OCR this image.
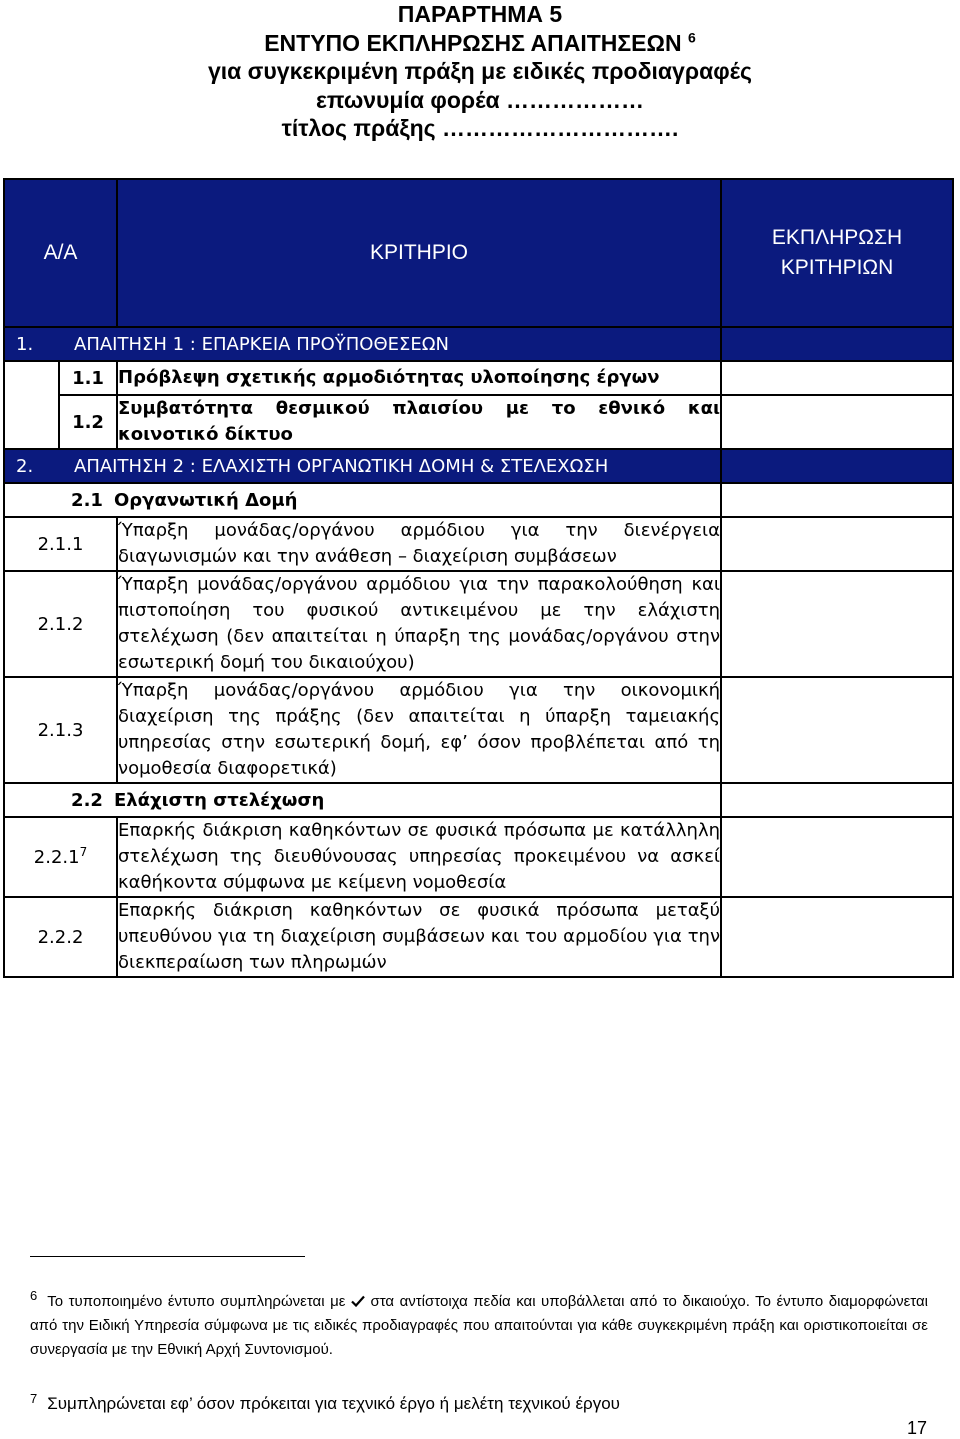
ΠΑΡΑΡΤΗΜΑ 5
ΕΝΤΥΠΟ ΕΚΠΛΗΡΩΣΗΣ ΑΠΑΙΤΗΣΕΩΝ $^6$
για συγκεκριμένη πράξη με ειδικές προδιαγραφές
επωνυμία φορέα ………………
τίτλος πράξης ………………………….
Α/Α		ΚΡΙΤΗΡΙΟ	ΕΚΠΛΗΡΩΣΗ
ΚΡΙΤΗΡΙΩΝ
1. ΑΠΑΙΤΗΣΗ 1 : ΕΠΑΡΚΕΙΑ ΠΡΟΫΠΟΘΕΣΕΩΝ			
	1.1	Πρόβλεψη σχετικής αρμοδιότητας υλοποίησης έργων	
	1.2	Συμβατότητα θεσμικού πλαισίου με το εθνικό και κοινοτικό δίκτυο	
2. ΑΠΑΙΤΗΣΗ 2 : ΕΛΑΧΙΣΤΗ ΟΡΓΑΝΩΤΙΚΗ ΔΟΜΗ & ΣΤΕΛΕΧΩΣΗ			
2.1 Οργανωτική Δομή			
2.1.1		Ύπαρξη μονάδας/οργάνου αρμόδιου για την διενέργεια διαγωνισμών και την ανάθεση – διαχείριση συμβάσεων	
2.1.2		Ύπαρξη μονάδας/οργάνου αρμόδιου για την παρακολούθηση και πιστοποίηση του φυσικού αντικειμένου με την ελάχιστη στελέχωση (δεν απαιτείται η ύπαρξη της μονάδας/οργάνου στην εσωτερική δομή του δικαιούχου)	
2.1.3		Ύπαρξη μονάδας/οργάνου αρμόδιου για την οικονομική διαχείριση της πράξης (δεν απαιτείται η ύπαρξη ταμειακής υπηρεσίας στην εσωτερική δομή, εφ’ όσον προβλέπεται από τη νομοθεσία διαφορετικά)	
2.2 Ελάχιστη στελέχωση			
2.2.1$^7$		Επαρκής διάκριση καθηκόντων σε φυσικά πρόσωπα με κατάλληλη στελέχωση της διευθύνουσας υπηρεσίας προκειμένου να ασκεί καθήκοντα σύμφωνα με κείμενη νομοθεσία	
2.2.2		Επαρκής διάκριση καθηκόντων σε φυσικά πρόσωπα μεταξύ υπευθύνου για τη διαχείριση συμβάσεων και του αρμοδίου για την διεκπεραίωση των πληρωμών	
6 Το τυποποιημένο έντυπο συμπληρώνεται με στα αντίστοιχα πεδία και υποβάλλεται από το δικαιούχο. Το έντυπο διαμορφώνεται από την Ειδική Υπηρεσία σύμφωνα με τις ειδικές προδιαγραφές που απαιτούνται για κάθε συγκεκριμένη πράξη και οριστικοποιείται σε συνεργασία με την Εθνική Αρχή Συντονισμού.
7 Συμπληρώνεται εφ’ όσον πρόκειται για τεχνικό έργο ή μελέτη τεχνικού έργου
17
